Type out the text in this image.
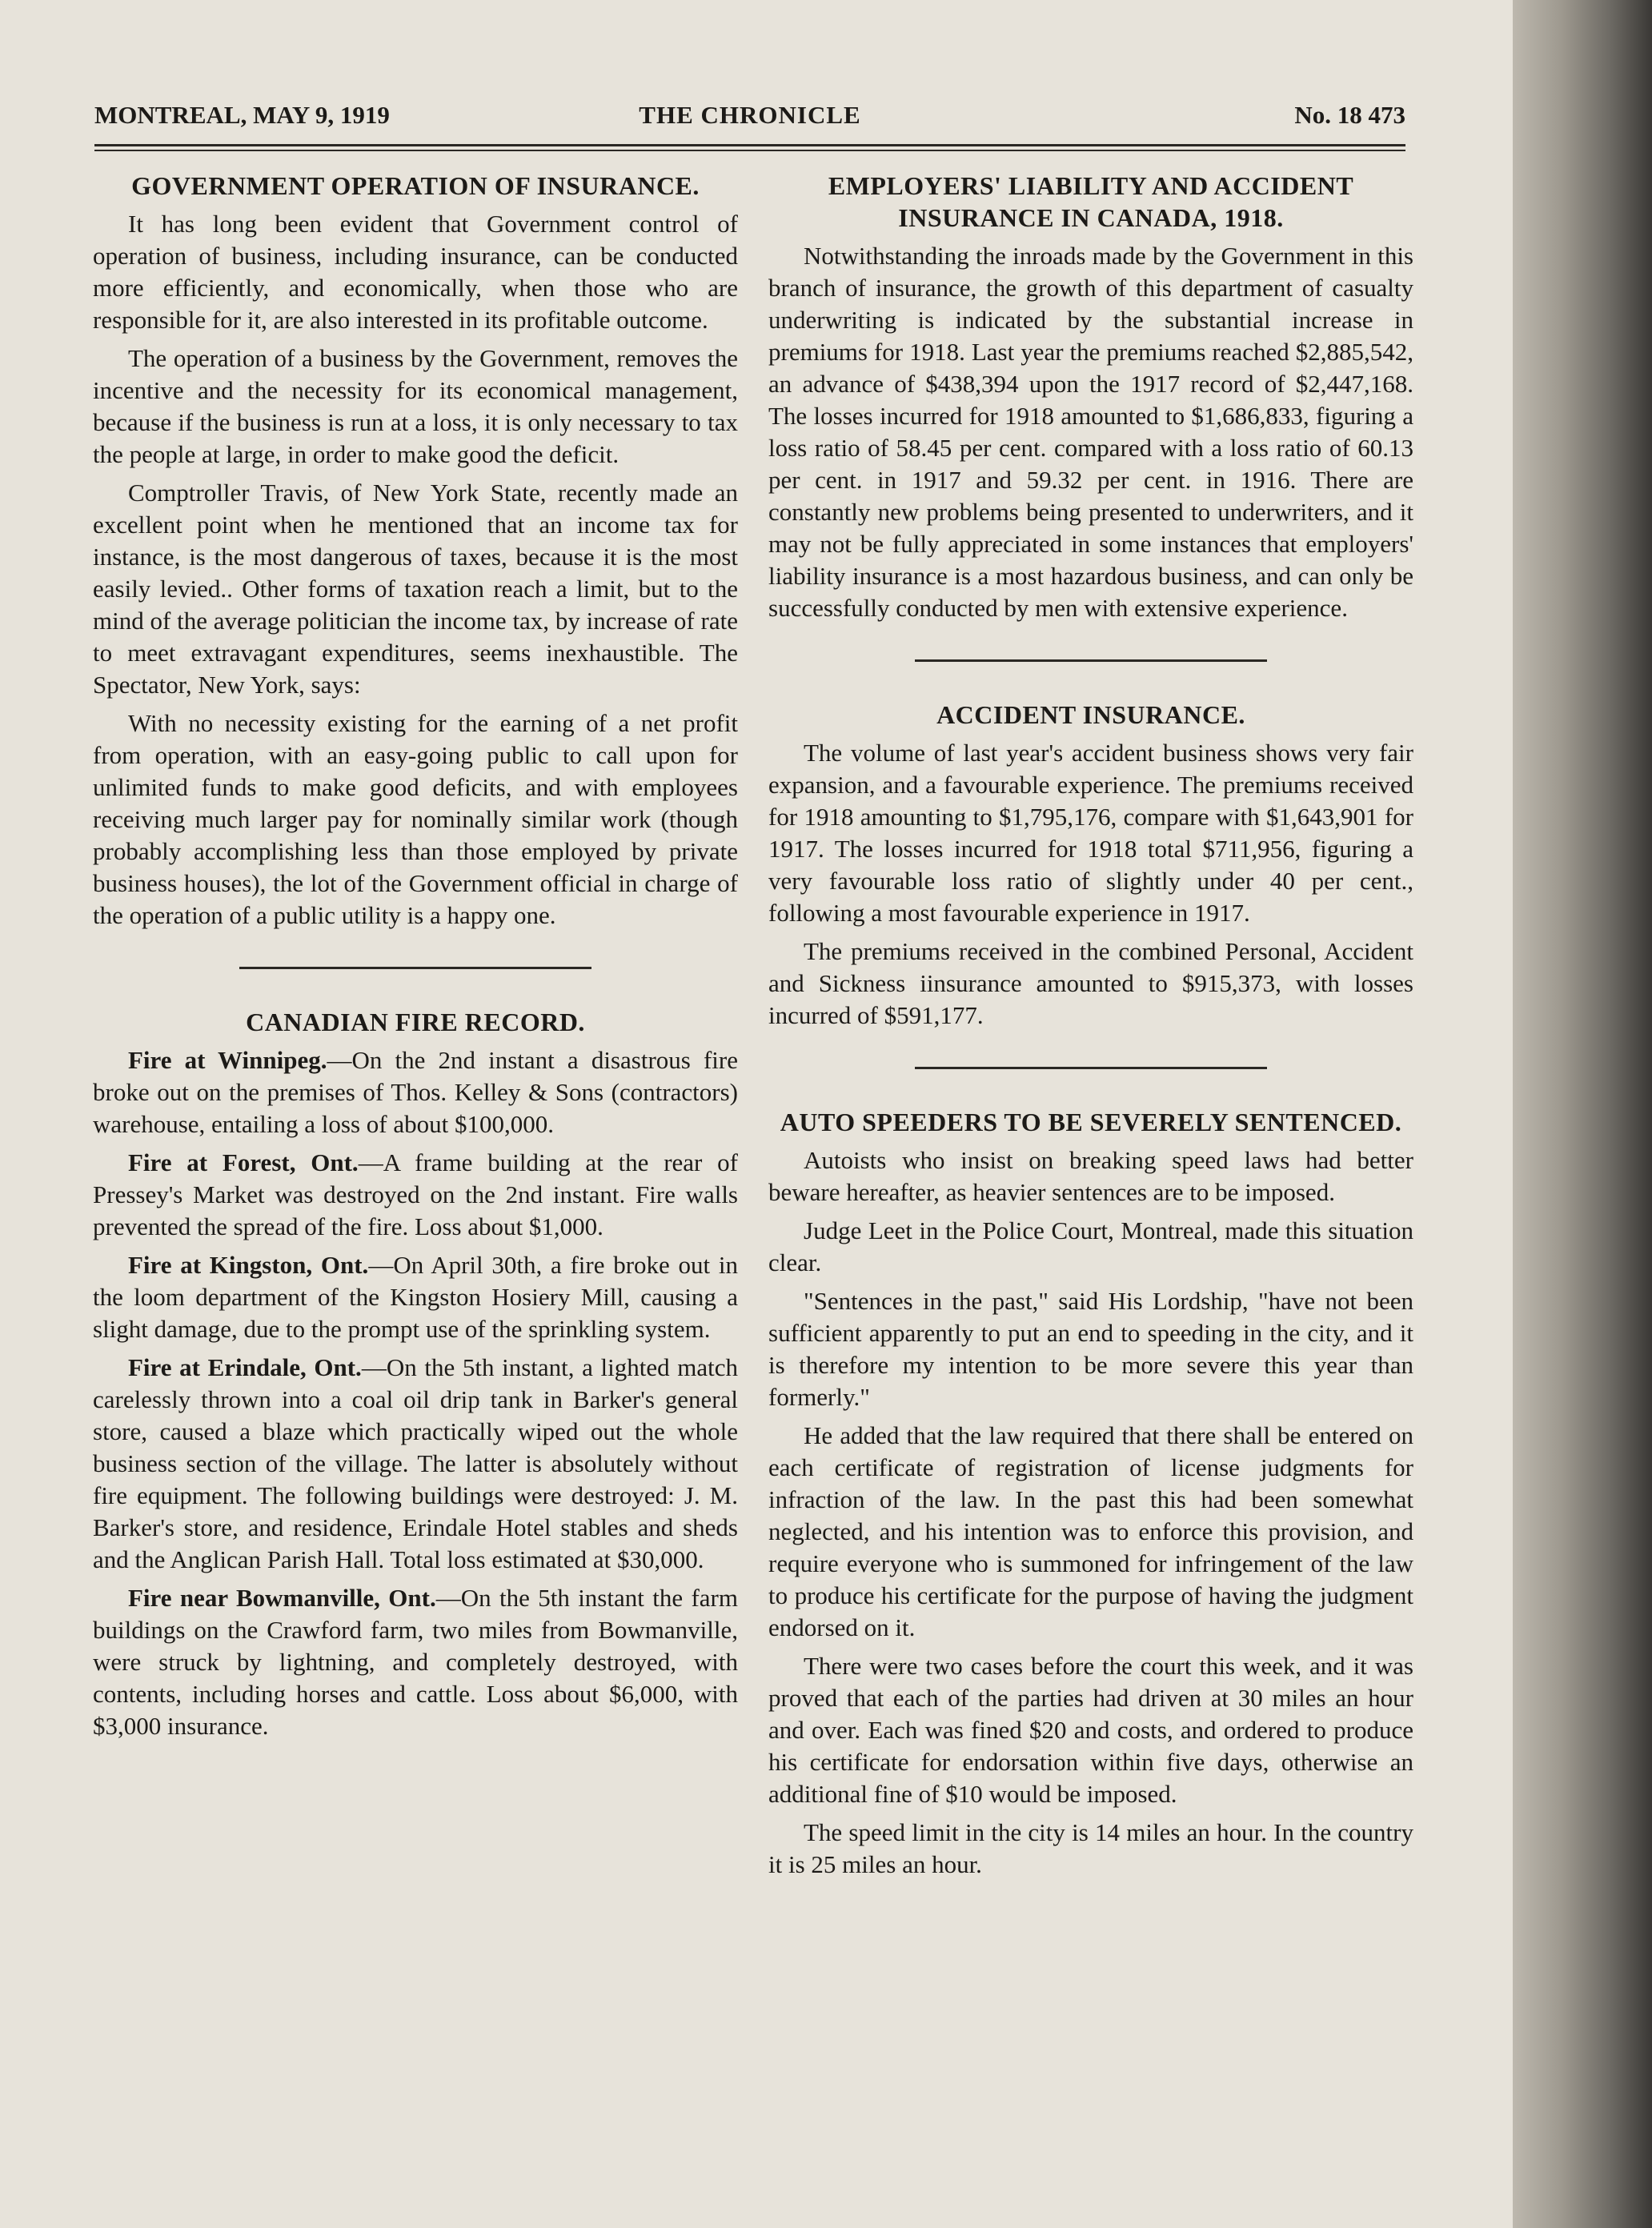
MONTREAL, MAY 9, 1919	THE CHRONICLE	No. 18 473
GOVERNMENT OPERATION OF INSURANCE.

It has long been evident that Government control of operation of business, including insurance, can be conducted more efficiently, and economically, when those who are responsible for it, are also interested in its profitable outcome.

The operation of a business by the Government, removes the incentive and the necessity for its economical management, because if the business is run at a loss, it is only necessary to tax the people at large, in order to make good the deficit.

Comptroller Travis, of New York State, recently made an excellent point when he mentioned that an income tax for instance, is the most dangerous of taxes, because it is the most easily levied.. Other forms of taxation reach a limit, but to the mind of the average politician the income tax, by increase of rate to meet extravagant expenditures, seems inexhaustible. The Spectator, New York, says:

With no necessity existing for the earning of a net profit from operation, with an easy-going public to call upon for unlimited funds to make good deficits, and with employees receiving much larger pay for nominally similar work (though probably accomplishing less than those employed by private business houses), the lot of the Government official in charge of the operation of a public utility is a happy one.

CANADIAN FIRE RECORD.

Fire at Winnipeg.—On the 2nd instant a disastrous fire broke out on the premises of Thos. Kelley & Sons (contractors) warehouse, entailing a loss of about $100,000.

Fire at Forest, Ont.—A frame building at the rear of Pressey's Market was destroyed on the 2nd instant. Fire walls prevented the spread of the fire. Loss about $1,000.

Fire at Kingston, Ont.—On April 30th, a fire broke out in the loom department of the Kingston Hosiery Mill, causing a slight damage, due to the prompt use of the sprinkling system.

Fire at Erindale, Ont.—On the 5th instant, a lighted match carelessly thrown into a coal oil drip tank in Barker's general store, caused a blaze which practically wiped out the whole business section of the village. The latter is absolutely without fire equipment. The following buildings were destroyed: J. M. Barker's store, and residence, Erindale Hotel stables and sheds and the Anglican Parish Hall. Total loss estimated at $30,000.

Fire near Bowmanville, Ont.—On the 5th instant the farm buildings on the Crawford farm, two miles from Bowmanville, were struck by lightning, and completely destroyed, with contents, including horses and cattle. Loss about $6,000, with $3,000 insurance.

EMPLOYERS' LIABILITY AND ACCIDENT INSURANCE IN CANADA, 1918.

Notwithstanding the inroads made by the Government in this branch of insurance, the growth of this department of casualty underwriting is indicated by the substantial increase in premiums for 1918. Last year the premiums reached $2,885,542, an advance of $438,394 upon the 1917 record of $2,447,168. The losses incurred for 1918 amounted to $1,686,833, figuring a loss ratio of 58.45 per cent. compared with a loss ratio of 60.13 per cent. in 1917 and 59.32 per cent. in 1916. There are constantly new problems being presented to underwriters, and it may not be fully appreciated in some instances that employers' liability insurance is a most hazardous business, and can only be successfully conducted by men with extensive experience.

ACCIDENT INSURANCE.

The volume of last year's accident business shows very fair expansion, and a favourable experience. The premiums received for 1918 amounting to $1,795,176, compare with $1,643,901 for 1917. The losses incurred for 1918 total $711,956, figuring a very favourable loss ratio of slightly under 40 per cent., following a most favourable experience in 1917.

The premiums received in the combined Personal, Accident and Sickness iinsurance amounted to $915,373, with losses incurred of $591,177.

AUTO SPEEDERS TO BE SEVERELY SENTENCED.

Autoists who insist on breaking speed laws had better beware hereafter, as heavier sentences are to be imposed.

Judge Leet in the Police Court, Montreal, made this situation clear.

"Sentences in the past," said His Lordship, "have not been sufficient apparently to put an end to speeding in the city, and it is therefore my intention to be more severe this year than formerly."

He added that the law required that there shall be entered on each certificate of registration of license judgments for infraction of the law. In the past this had been somewhat neglected, and his intention was to enforce this provision, and require everyone who is summoned for infringement of the law to produce his certificate for the purpose of having the judgment endorsed on it.

There were two cases before the court this week, and it was proved that each of the parties had driven at 30 miles an hour and over. Each was fined $20 and costs, and ordered to produce his certificate for endorsation within five days, otherwise an additional fine of $10 would be imposed.

The speed limit in the city is 14 miles an hour. In the country it is 25 miles an hour.
